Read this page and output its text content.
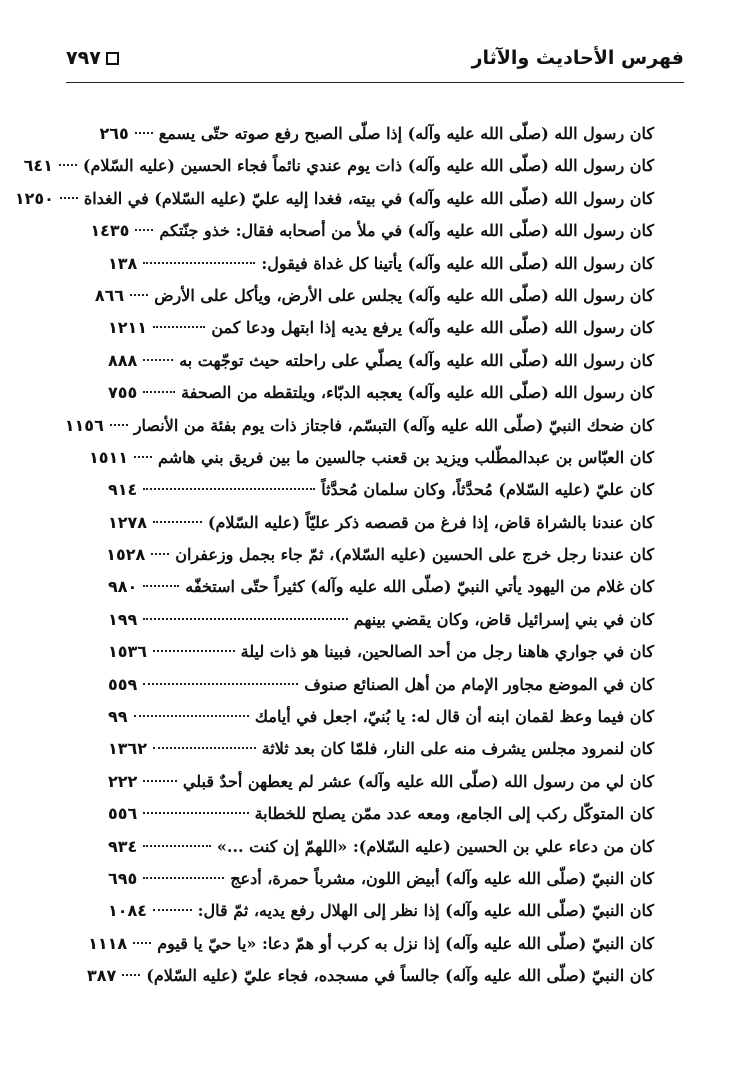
٧٩٧	فهرس الأحاديث والآثار
كان رسول الله (صلّى الله عليه وآله) إذا صلّى الصبح رفع صوته حتّى يسمع
٢٦٥
كان رسول الله (صلّى الله عليه وآله) ذات يوم عندي نائماً فجاء الحسين (عليه السّلام)
٦٤١
كان رسول الله (صلّى الله عليه وآله) في بيته، فغدا إليه عليّ (عليه السّلام) في الغداة
١٢٥٠
كان رسول الله (صلّى الله عليه وآله) في ملأ من أصحابه فقال: خذو جنّتكم
١٤٣٥
كان رسول الله (صلّى الله عليه وآله) يأتينا كل غداة فيقول:
١٣٨
كان رسول الله (صلّى الله عليه وآله) يجلس على الأرض، ويأكل على الأرض
٨٦٦
كان رسول الله (صلّى الله عليه وآله) يرفع يديه إذا ابتهل ودعا كمن
١٢١١
كان رسول الله (صلّى الله عليه وآله) يصلّي على راحلته حيث توجّهت به
٨٨٨
كان رسول الله (صلّى الله عليه وآله) يعجبه الدبّاء، ويلتقطه من الصحفة
٧٥٥
كان ضحك النبيّ (صلّى الله عليه وآله) التبسّم، فاجتاز ذات يوم بفئة من الأنصار
١١٥٦
كان العبّاس بن عبدالمطّلب ويزيد بن قعنب جالسين ما بين فريق بني هاشم
١٥١١
كان عليّ (عليه السّلام) مُحدَّثاً، وكان سلمان مُحدَّثاً
٩١٤
كان عندنا بالشراة قاض، إذا فرغ من قصصه ذكر عليّاً (عليه السّلام)
١٢٧٨
كان عندنا رجل خرج على الحسين (عليه السّلام)، ثمّ جاء بجمل وزعفران
١٥٢٨
كان غلام من اليهود يأتي النبيّ (صلّى الله عليه وآله) كثيراً حتّى استخفّه
٩٨٠
كان في بني إسرائيل قاض، وكان يقضي بينهم
١٩٩
كان في جواري هاهنا رجل من أحد الصالحين، فبينا هو ذات ليلة
١٥٣٦
كان في الموضع مجاور الإمام من أهل الصنائع صنوف
٥٥٩
كان فيما وعظ لقمان ابنه أن قال له: يا بُنيّ، اجعل في أيامك
٩٩
كان لنمرود مجلس يشرف منه على النار، فلمّا كان بعد ثلاثة
١٣٦٢
كان لي من رسول الله (صلّى الله عليه وآله) عشر لم يعطهن أحدٌ قبلي
٢٢٢
كان المتوكّل ركب إلى الجامع، ومعه عدد ممّن يصلح للخطابة
٥٥٦
كان من دعاء علي بن الحسين (عليه السّلام): «اللهمّ إن كنت ...»
٩٣٤
كان النبيّ (صلّى الله عليه وآله) أبيض اللون، مشرباً حمرة، أدعج
٦٩٥
كان النبيّ (صلّى الله عليه وآله) إذا نظر إلى الهلال رفع يديه، ثمّ قال:
١٠٨٤
كان النبيّ (صلّى الله عليه وآله) إذا نزل به كرب أو همّ دعا: «يا حيّ يا قيوم
١١١٨
كان النبيّ (صلّى الله عليه وآله) جالساً في مسجده، فجاء عليّ (عليه السّلام)
٣٨٧
